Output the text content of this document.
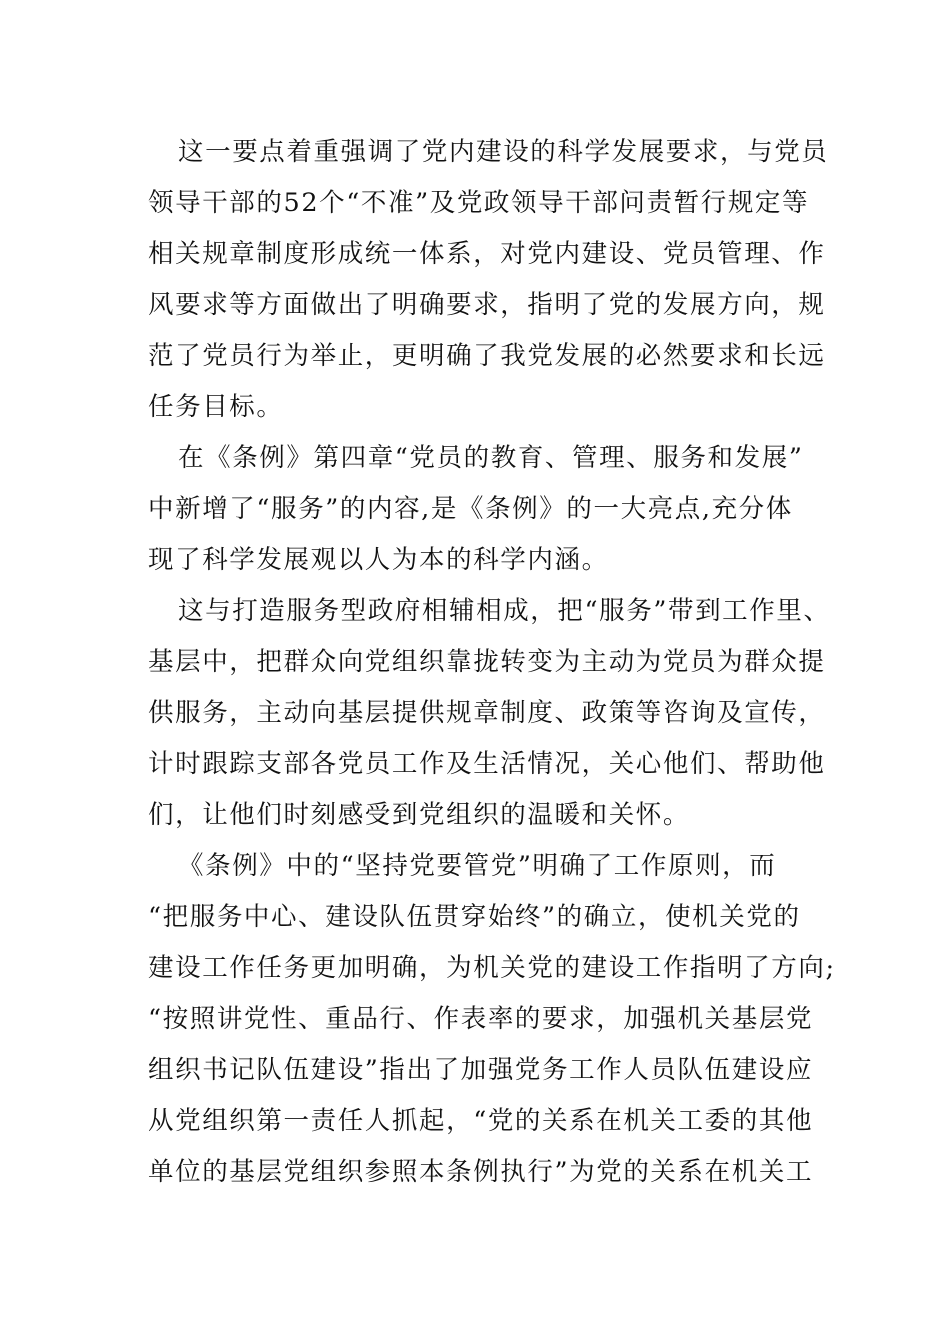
这一要点着重强调了党内建设的科学发展要求，与党员
领导干部的52个“不准”及党政领导干部问责暂行规定等
相关规章制度形成统一体系，对党内建设、党员管理、作
风要求等方面做出了明确要求，指明了党的发展方向，规
范了党员行为举止，更明确了我党发展的必然要求和长远
任务目标。
在《条例》第四章“党员的教育、管理、服务和发展”
中新增了“服务”的内容,是《条例》的一大亮点,充分体
现了科学发展观以人为本的科学内涵。
这与打造服务型政府相辅相成，把“服务”带到工作里、
基层中，把群众向党组织靠拢转变为主动为党员为群众提
供服务，主动向基层提供规章制度、政策等咨询及宣传，
计时跟踪支部各党员工作及生活情况，关心他们、帮助他
们，让他们时刻感受到党组织的温暖和关怀。
《条例》中的“坚持党要管党”明确了工作原则，而
“把服务中心、建设队伍贯穿始终”的确立，使机关党的
建设工作任务更加明确，为机关党的建设工作指明了方向;
“按照讲党性、重品行、作表率的要求，加强机关基层党
组织书记队伍建设”指出了加强党务工作人员队伍建设应
从党组织第一责任人抓起，“党的关系在机关工委的其他
单位的基层党组织参照本条例执行”为党的关系在机关工
